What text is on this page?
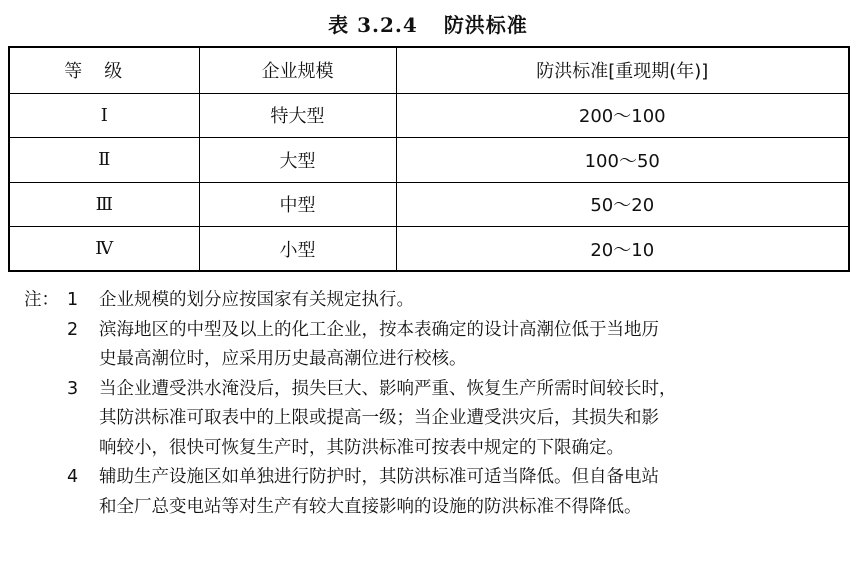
表 3.2.4 防洪标准
等级	企业规模	防洪标准[重现期(年)]
Ⅰ	特大型	200～100
Ⅱ	大型	100～50
Ⅲ	中型	50～20
Ⅳ	小型	20～10
注： 1	企业规模的划分应按国家有关规定执行。
2	滨海地区的中型及以上的化工企业，按本表确定的设计高潮位低于当地历
史最高潮位时，应采用历史最高潮位进行校核。
3	当企业遭受洪水淹没后，损失巨大、影响严重、恢复生产所需时间较长时，
其防洪标准可取表中的上限或提高一级；当企业遭受洪灾后，其损失和影
响较小，很快可恢复生产时，其防洪标准可按表中规定的下限确定。
4	辅助生产设施区如单独进行防护时，其防洪标准可适当降低。但自备电站
和全厂总变电站等对生产有较大直接影响的设施的防洪标准不得降低。
